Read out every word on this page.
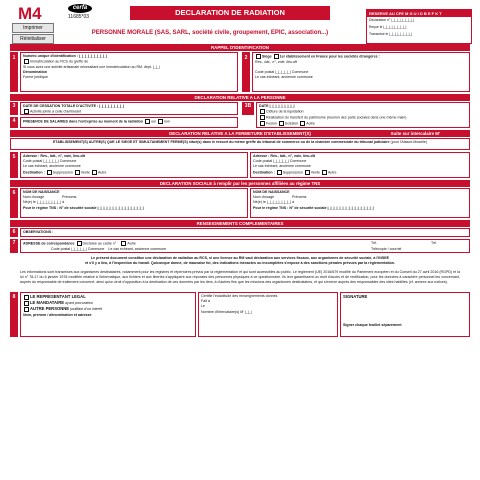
M4
Imprimer
Réinitialiser
cerfa
11685*03	DECLARATION DE RADIATION
PERSONNE MORALE (SAS, SARL, société civile, groupement, EPIC, association...)
RESERVE AU CFE M G U I D B E F K T
Déclaration n° |_|_|_|_|_|_|_|_|
Reçue le |_|_|_|_|_|_|_|_|
Transmise le |_|_|_|_|_|_|_|_|
RAPPEL D'IDENTIFICATION
1	Numéro unique d'identification : |_|_|_|_|_|_|_|_|_|
Immatriculation au RCS du greffe de
Si vous avez une activité artisanale nécessitant une immatriculation au RM, dept. |_|_|
Dénomination
Forme juridique
2	Siège 1er établissement en France pour les sociétés étrangères :
Rés., bât., n°, voie, lieu-dit

Code postal |_|_|_|_|_| Commune
Le cas échéant, ancienne commune
DECLARATION RELATIVE A LA PERSONNE
3	DATE DE CESSATION TOTALE D'ACTIVITE : |_|_|_|_|_|_|_|_|
Activité jointe à celle d'ambulant
3B	DATE |_|_|_|_|_|_|_|_|
Clôture de la liquidation
Réalisation du transfert du patrimoine (réunion des parts sociales dans une même main)
Fusion Scission Autre
4	PRESENCE DE SALARIES dans l'entreprise au moment de la radiation oui non
DECLARATION RELATIVE A LA FERMETURE D'ETABLISSEMENT(S)	Suite sur intercalaire M'
ETABLISSEMENT(S) AUTRE(S) QUE LE SIEGE ET SIMULTANEMENT FERME(S) situé(s) dans le ressort du même greffe du tribunal de commerce ou de la chambre commerciale du tribunal judiciaire (pour l'Alsace-Moselle)
5	Adresse : Rés., bât., n°, voie, lieu-dit
Code postal |_|_|_|_|_| Commune
Le cas échéant, ancienne commune
Destination : Suppression Vente Autre
Adresse : Rés., bât., n°, voie, lieu-dit
Code postal |_|_|_|_|_| Commune
Le cas échéant, ancienne commune
Destination : Suppression Vente Autre
DECLARATION SOCIALE à remplir par les personnes affiliées au régime TNS
6	NOM DE NAISSANCE
Nom d'usage	Prénoms
Né(e) le |_|_|_|_|_|_|_|_| à
Pour le régime TNS : N° de sécurité sociale |_|_|_|_|_|_|_|_|_|_|_|_|_|_|_|
NOM DE NAISSANCE
Nom d'usage	Prénoms
Né(e) le |_|_|_|_|_|_|_|_| à
Pour le régime TNS : N° de sécurité sociale |_|_|_|_|_|_|_|_|_|_|_|_|_|_|_|
RENSEIGNEMENTS COMPLEMENTAIRES
6	OBSERVATIONS :
7	ADRESSE de correspondance Déclarée au cadre n°	Autre	Tél.	Tél.
Code postal |_|_|_|_|_| Commune Le cas échéant, ancienne commune	Télécopie / courriel
Le présent document constitue une déclaration de radiation au RCS, si une licence au RM vaut déclaration aux services fiscaux, aux organismes de sécurité sociale, à l'INSEE
et s'il y a lieu, à l'inspection du travail. Quiconque donne, de mauvaise foi, des indications inexactes ou incomplètes s'expose à des sanctions pénales prévues par la réglementation.
Les informations sont transmises aux organismes destinataires, notamment pour les registres et répertoires prévus par la réglementation et qui sont accessibles au public. Le règlement (UE) 2016/679 modifié du Parlement européen et du Conseil du 27 avril 2016 (RGPD) et la loi n° 78-17 du 6 janvier 1978 modifiée relative à l'informatique, aux fichiers et aux libertés s'appliquent aux réponses des personnes physiques à ce questionnaire. Ils leur garantissent un droit d'accès et de rectification, pour les données à caractère personnel les concernant, auprès du responsable de traitement concerné, ainsi qu'un droit d'opposition à la destination de ces données par les tiers, à d'autres fins que les missions des organismes destinataires, et qui s'exerce auprès des responsables des sites habilités (cf. annexe aux notices).
8	LE REPRESENTANT LEGAL
LE MANDATAIRE ayant procuration
AUTRE PERSONNE justifiant d'un intérêt
Nom, prénom / dénomination et adresse
Certifie l'exactitude des renseignements donnés
Fait à
Le
Nombre d'intercalaire(s) M' |_|_|
SIGNATURE
Signer chaque feuillet séparément
